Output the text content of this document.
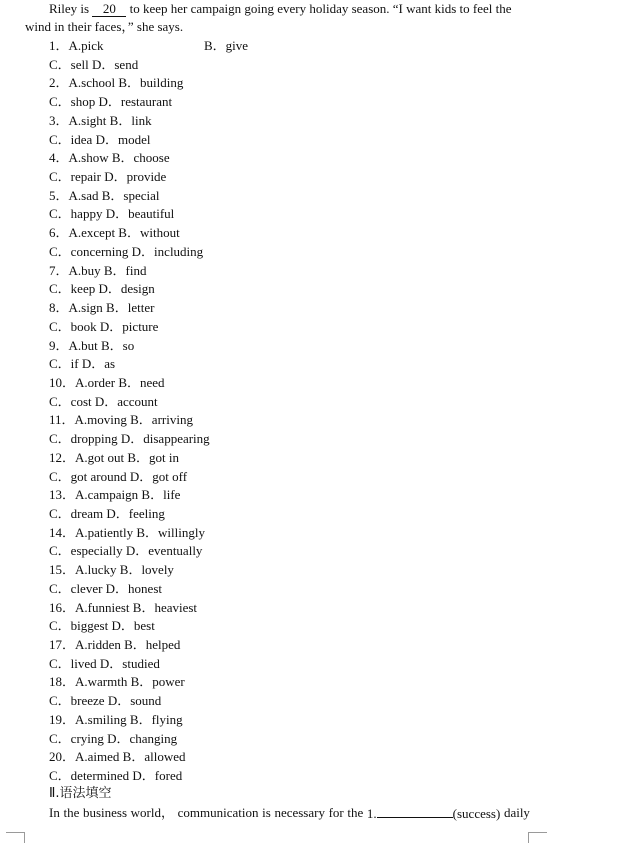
Riley is 20 to keep her campaign going every holiday season. “I want kids to feel the
wind in their faces，” she says.
1．A.pick	B．give
C．sell D．send
2．A.school B．building
C．shop D．restaurant
3．A.sight B．link
C．idea D．model
4．A.show B．choose
C．repair D．provide
5．A.sad B．special
C．happy D．beautiful
6．A.except B．without
C．concerning D．including
7．A.buy B．find
C．keep D．design
8．A.sign B．letter
C．book D．picture
9．A.but B．so
C．if D．as
10．A.order B．need
C．cost D．account
11．A.moving B．arriving
C．dropping D．disappearing
12．A.got out B．got in
C．got around D．got off
13．A.campaign B．life
C．dream D．feeling
14．A.patiently B．willingly
C．especially D．eventually
15．A.lucky B．lovely
C．clever D．honest
16．A.funniest B．heaviest
C．biggest D．best
17．A.ridden B．helped
C．lived D．studied
18．A.warmth B．power
C．breeze D．sound
19．A.smiling B．flying
C．crying D．changing
20．A.aimed B．allowed
C．determined D．fored
Ⅱ.语法填空
In the business world， communication is necessary for the 1.	(success) daily
